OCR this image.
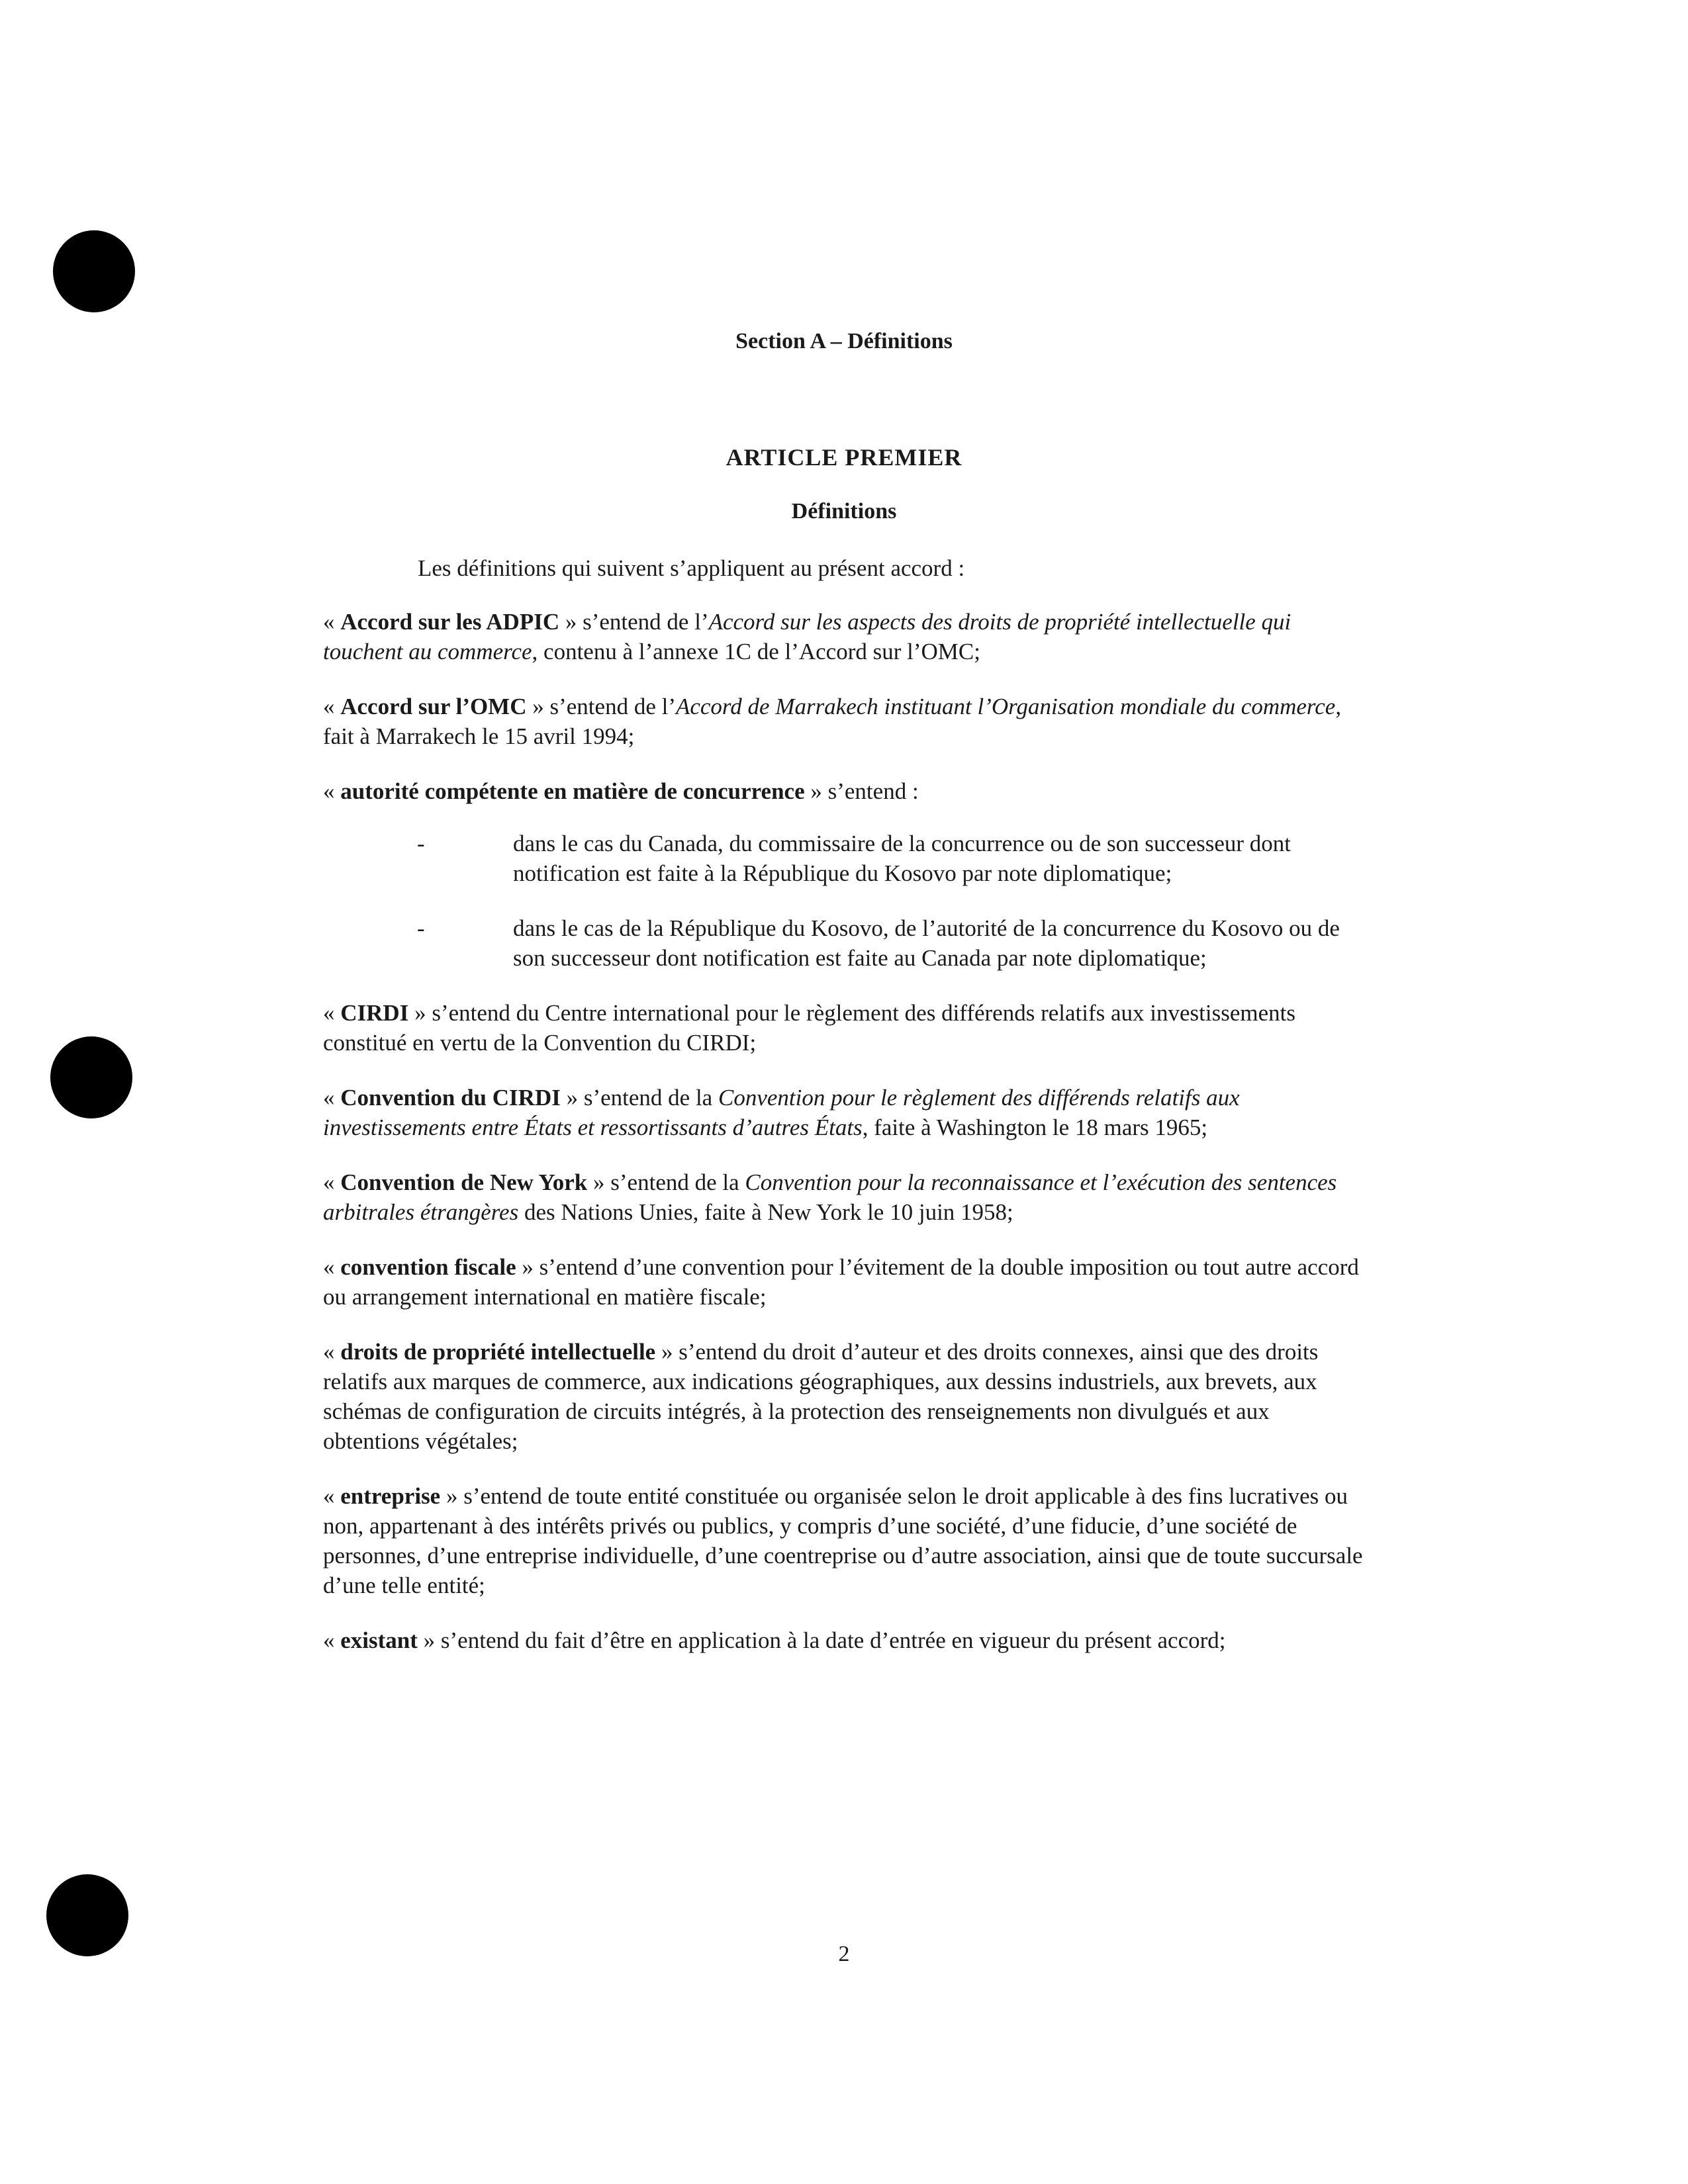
Section A – Définitions
ARTICLE PREMIER
Définitions

Les définitions qui suivent s’appliquent au présent accord :

« Accord sur les ADPIC » s’entend de l’Accord sur les aspects des droits de propriété intellectuelle qui touchent au commerce, contenu à l’annexe 1C de l’Accord sur l’OMC;

« Accord sur l’OMC » s’entend de l’Accord de Marrakech instituant l’Organisation mondiale du commerce, fait à Marrakech le 15 avril 1994;

« autorité compétente en matière de concurrence » s’entend :

-	dans le cas du Canada, du commissaire de la concurrence ou de son successeur dont notification est faite à la République du Kosovo par note diplomatique;
-	dans le cas de la République du Kosovo, de l’autorité de la concurrence du Kosovo ou de son successeur dont notification est faite au Canada par note diplomatique;

« CIRDI » s’entend du Centre international pour le règlement des différends relatifs aux investissements constitué en vertu de la Convention du CIRDI;

« Convention du CIRDI » s’entend de la Convention pour le règlement des différends relatifs aux investissements entre États et ressortissants d’autres États, faite à Washington le 18 mars 1965;

« Convention de New York » s’entend de la Convention pour la reconnaissance et l’exécution des sentences arbitrales étrangères des Nations Unies, faite à New York le 10 juin 1958;

« convention fiscale » s’entend d’une convention pour l’évitement de la double imposition ou tout autre accord ou arrangement international en matière fiscale;

« droits de propriété intellectuelle » s’entend du droit d’auteur et des droits connexes, ainsi que des droits relatifs aux marques de commerce, aux indications géographiques, aux dessins industriels, aux brevets, aux schémas de configuration de circuits intégrés, à la protection des renseignements non divulgués et aux obtentions végétales;

« entreprise » s’entend de toute entité constituée ou organisée selon le droit applicable à des fins lucratives ou non, appartenant à des intérêts privés ou publics, y compris d’une société, d’une fiducie, d’une société de personnes, d’une entreprise individuelle, d’une coentreprise ou d’autre association, ainsi que de toute succursale d’une telle entité;

« existant » s’entend du fait d’être en application à la date d’entrée en vigueur du présent accord;

2
